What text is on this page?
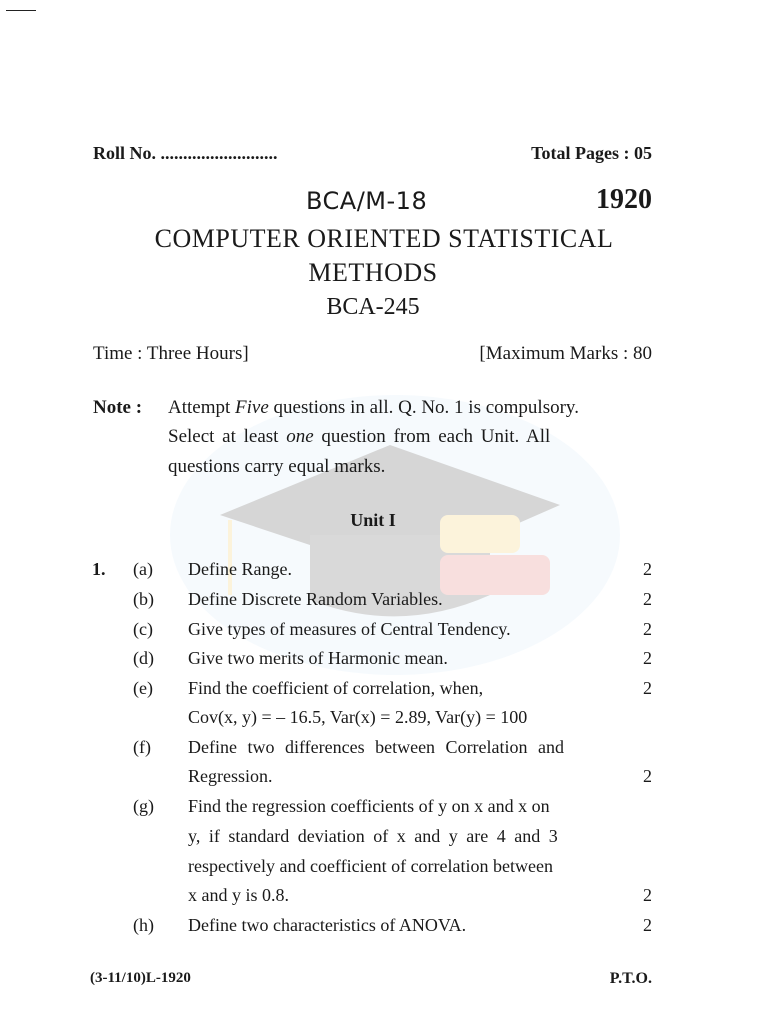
Roll No. ..........................	Total Pages : 05
BCA/M-18	1920
COMPUTER ORIENTED STATISTICAL
METHODS
BCA-245
Time : Three Hours]	[Maximum Marks : 80
Note : Attempt Five questions in all. Q. No. 1 is compulsory.
Select at least one question from each Unit. All
questions carry equal marks.
Unit I
1. (a) Define Range.	2
(b) Define Discrete Random Variables.	2
(c) Give types of measures of Central Tendency.	2
(d) Give two merits of Harmonic mean.	2
(e) Find the coefficient of correlation, when,	2
Cov(x, y) = – 16.5, Var(x) = 2.89, Var(y) = 100
(f) Define two differences between Correlation and
Regression.	2
(g) Find the regression coefficients of y on x and x on
y, if standard deviation of x and y are 4 and 3
respectively and coefficient of correlation between
x and y is 0.8.	2
(h) Define two characteristics of ANOVA.	2
(3-11/10)L-1920	P.T.O.
